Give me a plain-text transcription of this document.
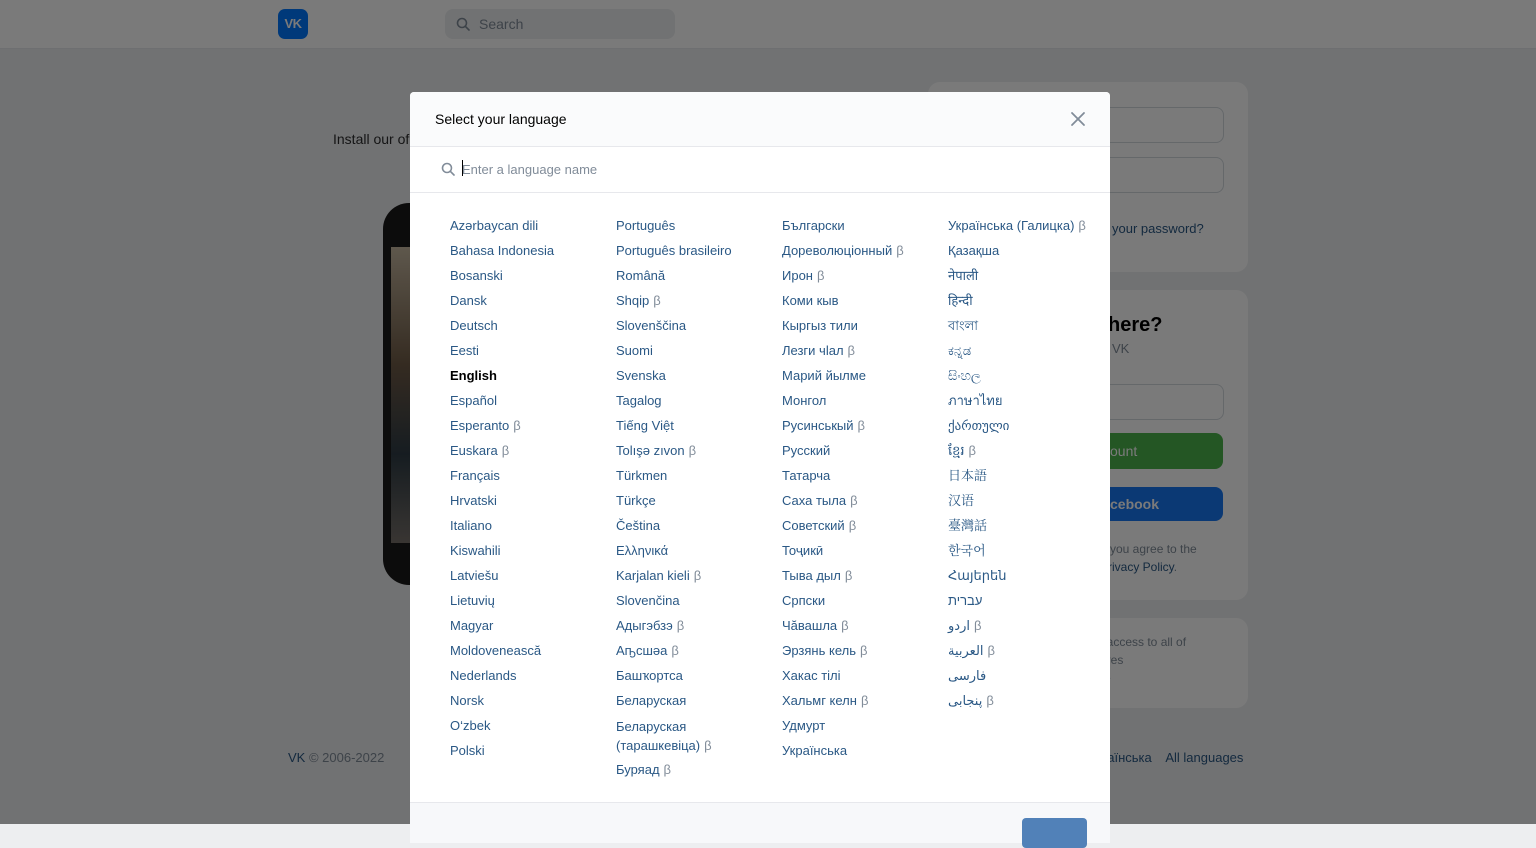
Select your language
Enter a language name
Azərbaycan dili
Bahasa Indonesia
Bosanski
Dansk
Deutsch
Eesti
English
Español
Esperanto β
Euskara β
Français
Hrvatski
Italiano
Kiswahili
Latviešu
Lietuvių
Magyar
Moldovenească
Nederlands
Norsk
O‘zbek
Polski
Português
Português brasileiro
Română
Shqip β
Slovenščina
Suomi
Svenska
Tagalog
Tiếng Việt
Tolışə zıvon β
Türkmen
Türkçe
Čeština
Ελληνικά
Karjalan kieli β
Slovenčina
Адыгэбзэ β
Аҧсшәа β
Башҡортса
Беларуская
Беларуская (тарашкевіца) β
Буряад β
Български
Дореволюціонный β
Ирон β
Коми кыв
Кыргыз тили
Лезги чlал β
Марий йылме
Монгол
Русинськый β
Русский
Татарча
Саха тыла β
Советский β
Тоҷикӣ
Тыва дыл β
Српски
Чăвашла β
Эрзянь кель β
Хакас тілі
Хальмг келн β
Удмурт
Українська
Українська (Галицка) β
Қазақша
नेपाली
हिन्दी
বাংলা
ಕನ್ನಡ
සිංහල
ภาษาไทย
ქართული
ខ្មែរ β
日本語
汉语
臺灣話
한국어
Հայերեն
עברית
اردو β
العربية β
فارسی
پنجابی β
